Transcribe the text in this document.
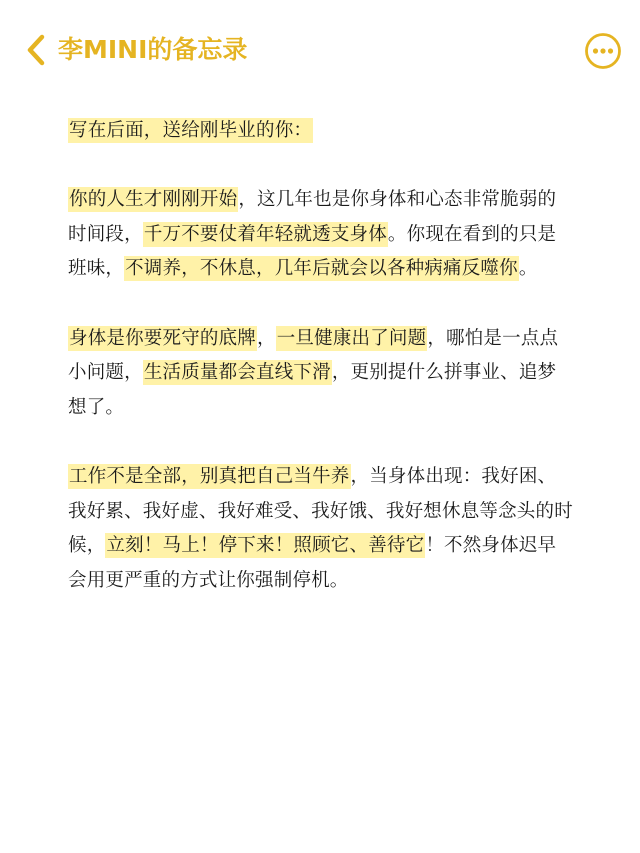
李MINI的备忘录

写在后面，送给刚毕业的你：

你的人生才刚刚开始，这几年也是你身体和心态非常脆弱的时间段，千万不要仗着年轻就透支身体。你现在看到的只是班味，不调养，不休息，几年后就会以各种病痛反噬你。

身体是你要死守的底牌，一旦健康出了问题，哪怕是一点点小问题，生活质量都会直线下滑，更别提什么拼事业、追梦想了。

工作不是全部，别真把自己当牛养，当身体出现：我好困、我好累、我好虚、我好难受、我好饿、我好想休息等念头的时候，立刻！马上！停下来！照顾它、善待它！不然身体迟早会用更严重的方式让你强制停机。
